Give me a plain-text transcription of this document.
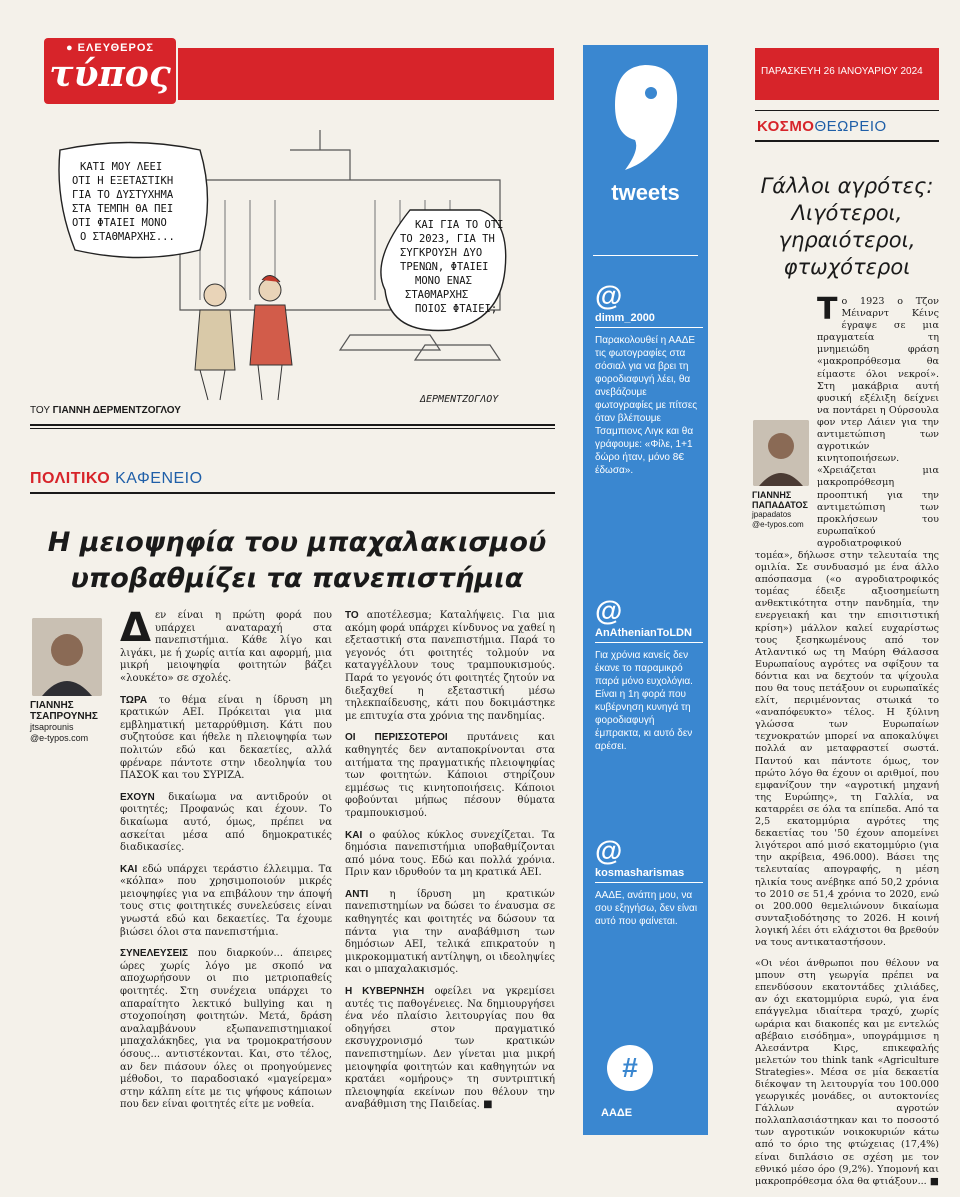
● ΕΛΕΥΘΕΡΟΣ
τύπος
ΚΑΤΙ ΜΟΥ ΛΕΕΙ
ΟΤΙ Η ΕΞΕΤΑΣΤΙΚΗ
ΓΙΑ ΤΟ ΔΥΣΤΥΧΗΜΑ
ΣΤΑ ΤΕΜΠΗ ΘΑ ΠΕΙ
ΟΤΙ ΦΤΑΙΕΙ ΜΟΝΟ
Ο ΣΤΑΘΜΑΡΧΗΣ...
ΚΑΙ ΓΙΑ ΤΟ ΟΤΙ
ΤΟ 2023, ΓΙΑ ΤΗ
ΣΥΓΚΡΟΥΣΗ ΔΥΟ
ΤΡΕΝΩΝ, ΦΤΑΙΕΙ
ΜΟΝΟ ΕΝΑΣ
ΣΤΑΘΜΑΡΧΗΣ
ΠΟΙΟΣ ΦΤΑΙΕΙ;
ΔΕΡΜΕΝΤΖΟΓΛΟΥ
ΤΟΥ ΓΙΑΝΝΗ ΔΕΡΜΕΝΤΖΟΓΛΟΥ
ΠΟΛΙΤΙΚΟ ΚΑΦΕΝΕΙΟ
Η μειοψηφία του μπαχαλακισμού
υποβαθμίζει τα πανεπιστήμια
ΓΙΑΝΝΗΣ
ΤΣΑΠΡΟΥΝΗΣ
jtsaprounis
@e-typos.com

Δεν είναι η πρώτη φορά που υπάρχει αναταραχή στα πανεπιστήμια. Κάθε λίγο και λιγάκι, με ή χωρίς αιτία και αφορμή, μια μικρή μειοψηφία φοιτητών βάζει «λουκέτο» σε σχολές.

ΤΩΡΑ το θέμα είναι η ίδρυση μη κρατικών ΑΕΙ. Πρόκειται για μια εμβληματική μεταρρύθμιση. Κάτι που συζητούσε και ήθελε η πλειοψηφία των πολιτών εδώ και δεκαετίες, αλλά φρέναρε πάντοτε στην ιδεοληψία του ΠΑΣΟΚ και του ΣΥΡΙΖΑ.

ΕΧΟΥΝ δικαίωμα να αντιδρούν οι φοιτητές; Προφανώς και έχουν. Το δικαίωμα αυτό, όμως, πρέπει να ασκείται μέσα από δημοκρατικές διαδικασίες.

ΚΑΙ εδώ υπάρχει τεράστιο έλλειμμα. Τα «κόλπα» που χρησιμοποιούν μικρές μειοψηφίες για να επιβάλουν την άποψή τους στις φοιτητικές συνελεύσεις είναι γνωστά εδώ και δεκαετίες. Τα έχουμε βιώσει όλοι στα πανεπιστήμια.

ΣΥΝΕΛΕΥΣΕΙΣ που διαρκούν... άπειρες ώρες χωρίς λόγο με σκοπό να αποχωρήσουν οι πιο μετριοπαθείς φοιτητές. Στη συνέχεια υπάρχει το απαραίτητο λεκτικό bullying και η στοχοποίηση φοιτητών. Μετά, δράση αναλαμβάνουν εξωπανεπιστημιακοί μπαχαλάκηδες, για να τρομοκρατήσουν όσους... αντιστέκονται. Και, στο τέλος, αν δεν πιάσουν όλες οι προηγούμενες μέθοδοι, το παραδοσιακό «μαγείρεμα» στην κάλπη είτε με τις ψήφους κάποιων που δεν είναι φοιτητές είτε με νοθεία.

ΤΟ αποτέλεσμα; Καταλήψεις. Για μια ακόμη φορά υπάρχει κίνδυνος να χαθεί η εξεταστική στα πανεπιστήμια. Παρά το γεγονός ότι φοιτητές τολμούν να καταγγέλλουν τους τραμπουκισμούς. Παρά το γεγονός ότι φοιτητές ζητούν να διεξαχθεί η εξεταστική μέσω τηλεκπαίδευσης, κάτι που δοκιμάστηκε με επιτυχία στα χρόνια της πανδημίας.

ΟΙ ΠΕΡΙΣΣΟΤΕΡΟΙ πρυτάνεις και καθηγητές δεν ανταποκρίνονται στα αιτήματα της πραγματικής πλειοψηφίας των φοιτητών. Κάποιοι στηρίζουν εμμέσως τις κινητοποιήσεις. Κάποιοι φοβούνται μήπως πέσουν θύματα τραμπουκισμού.

ΚΑΙ ο φαύλος κύκλος συνεχίζεται. Τα δημόσια πανεπιστήμια υποβαθμίζονται από μόνα τους. Εδώ και πολλά χρόνια. Πριν καν ιδρυθούν τα μη κρατικά ΑΕΙ.

ΑΝΤΙ η ίδρυση μη κρατικών πανεπιστημίων να δώσει το έναυσμα σε καθηγητές και φοιτητές να δώσουν τα πάντα για την αναβάθμιση των δημόσιων ΑΕΙ, τελικά επικρατούν η μικροκομματική αντίληψη, οι ιδεοληψίες και ο μπαχαλακισμός.

Η ΚΥΒΕΡΝΗΣΗ οφείλει να γκρεμίσει αυτές τις παθογένειες. Να δημιουργήσει ένα νέο πλαίσιο λειτουργίας που θα οδηγήσει στον πραγματικό εκσυγχρονισμό των κρατικών πανεπιστημίων. Δεν γίνεται μια μικρή μειοψηφία φοιτητών και καθηγητών να κρατάει «ομήρους» τη συντριπτική πλειοψηφία εκείνων που θέλουν την αναβάθμιση της Παιδείας. ■

tweets
@
dimm_2000
Παρακολουθεί η ΑΑΔΕ τις φωτογραφίες στα σόσιαλ για να βρει τη φοροδιαφυγή λέει, θα ανεβάζουμε φωτογραφίες με πίτσες όταν βλέπουμε Τσαμπιονς Λιγκ και θα γράφουμε: «Φίλε, 1+1 δώρο ήταν, μόνο 8€ έδωσα».
@
AnAthenianToLDN
Για χρόνια κανείς δεν έκανε το παραμικρό παρά μόνο ευχολόγια. Είναι η 1η φορά που κυβέρνηση κυνηγά τη φοροδιαφυγή έμπρακτα, κι αυτό δεν αρέσει.
@
kosmasharismas
ΑΑΔΕ, ανάπη μου, να σου εξηγήσω, δεν είναι αυτό που φαίνεται.
#
ΑΑΔΕ
ΠΑΡΑΣΚΕΥΗ 26 ΙΑΝΟΥΑΡΙΟΥ 2024
ΚΟΣΜΟΘΕΩΡΕΙΟ
Γάλλοι αγρότες:
Λιγότεροι,
γηραιότεροι,
φτωχότεροι
ΓΙΑΝΝΗΣ
ΠΑΠΑΔΑΤΟΣ
jpapadatos
@e-typos.com

Το 1923 ο Τζον Μέιναρντ Κέινς έγραψε σε μια πραγματεία τη μνημειώδη φράση «μακροπρόθεσμα θα είμαστε όλοι νεκροί». Στη μακάβρια αυτή φυσική εξέλιξη δείχνει να ποντάρει η Ούρσουλα φον ντερ Λάιεν για την αντιμετώπιση των αγροτικών κινητοποιήσεων. «Χρειάζεται μια μακροπρόθεσμη προοπτική για την αντιμετώπιση των προκλήσεων του ευρωπαϊκού αγροδιατροφικού τομέα», δήλωσε στην τελευταία της ομιλία. Σε συνδυασμό με ένα άλλο απόσπασμα («ο αγροδιατροφικός τομέας έδειξε αξιοσημείωτη ανθεκτικότητα στην πανδημία, την ενεργειακή και την επισιτιστική κρίση») μάλλον καλεί ευχαρίστως τους ξεσηκωμένους από τον Ατλαντικό ως τη Μαύρη Θάλασσα Ευρωπαίους αγρότες να σφίξουν τα δόντια και να δεχτούν τα ψίχουλα που θα τους πετάξουν οι ευρωπαϊκές ελίτ, περιμένοντας στωικά το «αναπόφευκτο» τέλος. Η ξύλινη γλώσσα των Ευρωπαίων τεχνοκρατών μπορεί να αποκαλύψει πολλά αν μεταφραστεί σωστά. Παντού και πάντοτε όμως, τον πρώτο λόγο θα έχουν οι αριθμοί, που εμφανίζουν την «αγροτική μηχανή της Ευρώπης», τη Γαλλία, να καταρρέει σε όλα τα επίπεδα. Από τα 2,5 εκατομμύρια αγρότες της δεκαετίας του '50 έχουν απομείνει λιγότεροι από μισό εκατομμύριο (για την ακρίβεια, 496.000). Βάσει της τελευταίας απογραφής, η μέση ηλικία τους ανέβηκε από 50,2 χρόνια το 2010 σε 51,4 χρόνια το 2020, ενώ οι 200.000 θεμελιώνουν δικαίωμα συνταξιοδότησης το 2026. Η κοινή λογική λέει ότι ελάχιστοι θα βρεθούν να τους αντικαταστήσουν.

«Οι νέοι άνθρωποι που θέλουν να μπουν στη γεωργία πρέπει να επενδύσουν εκατοντάδες χιλιάδες, αν όχι εκατομμύρια ευρώ, για ένα επάγγελμα ιδιαίτερα τραχύ, χωρίς ωράρια και διακοπές και με εντελώς αβέβαιο εισόδημα», υπογράμμισε η Αλεσάντρα Κιρς, επικεφαλής μελετών του think tank «Agriculture Strategies». Μέσα σε μία δεκαετία διέκοψαν τη λειτουργία του 100.000 γεωργικές μονάδες, οι αυτοκτονίες Γάλλων αγροτών πολλαπλασιάστηκαν και το ποσοστό των αγροτικών νοικοκυριών κάτω από το όριο της φτώχειας (17,4%) είναι διπλάσιο σε σχέση με τον εθνικό μέσο όρο (9,2%). Υπομονή και μακροπρόθεσμα όλα θα φτιάξουν... ■
